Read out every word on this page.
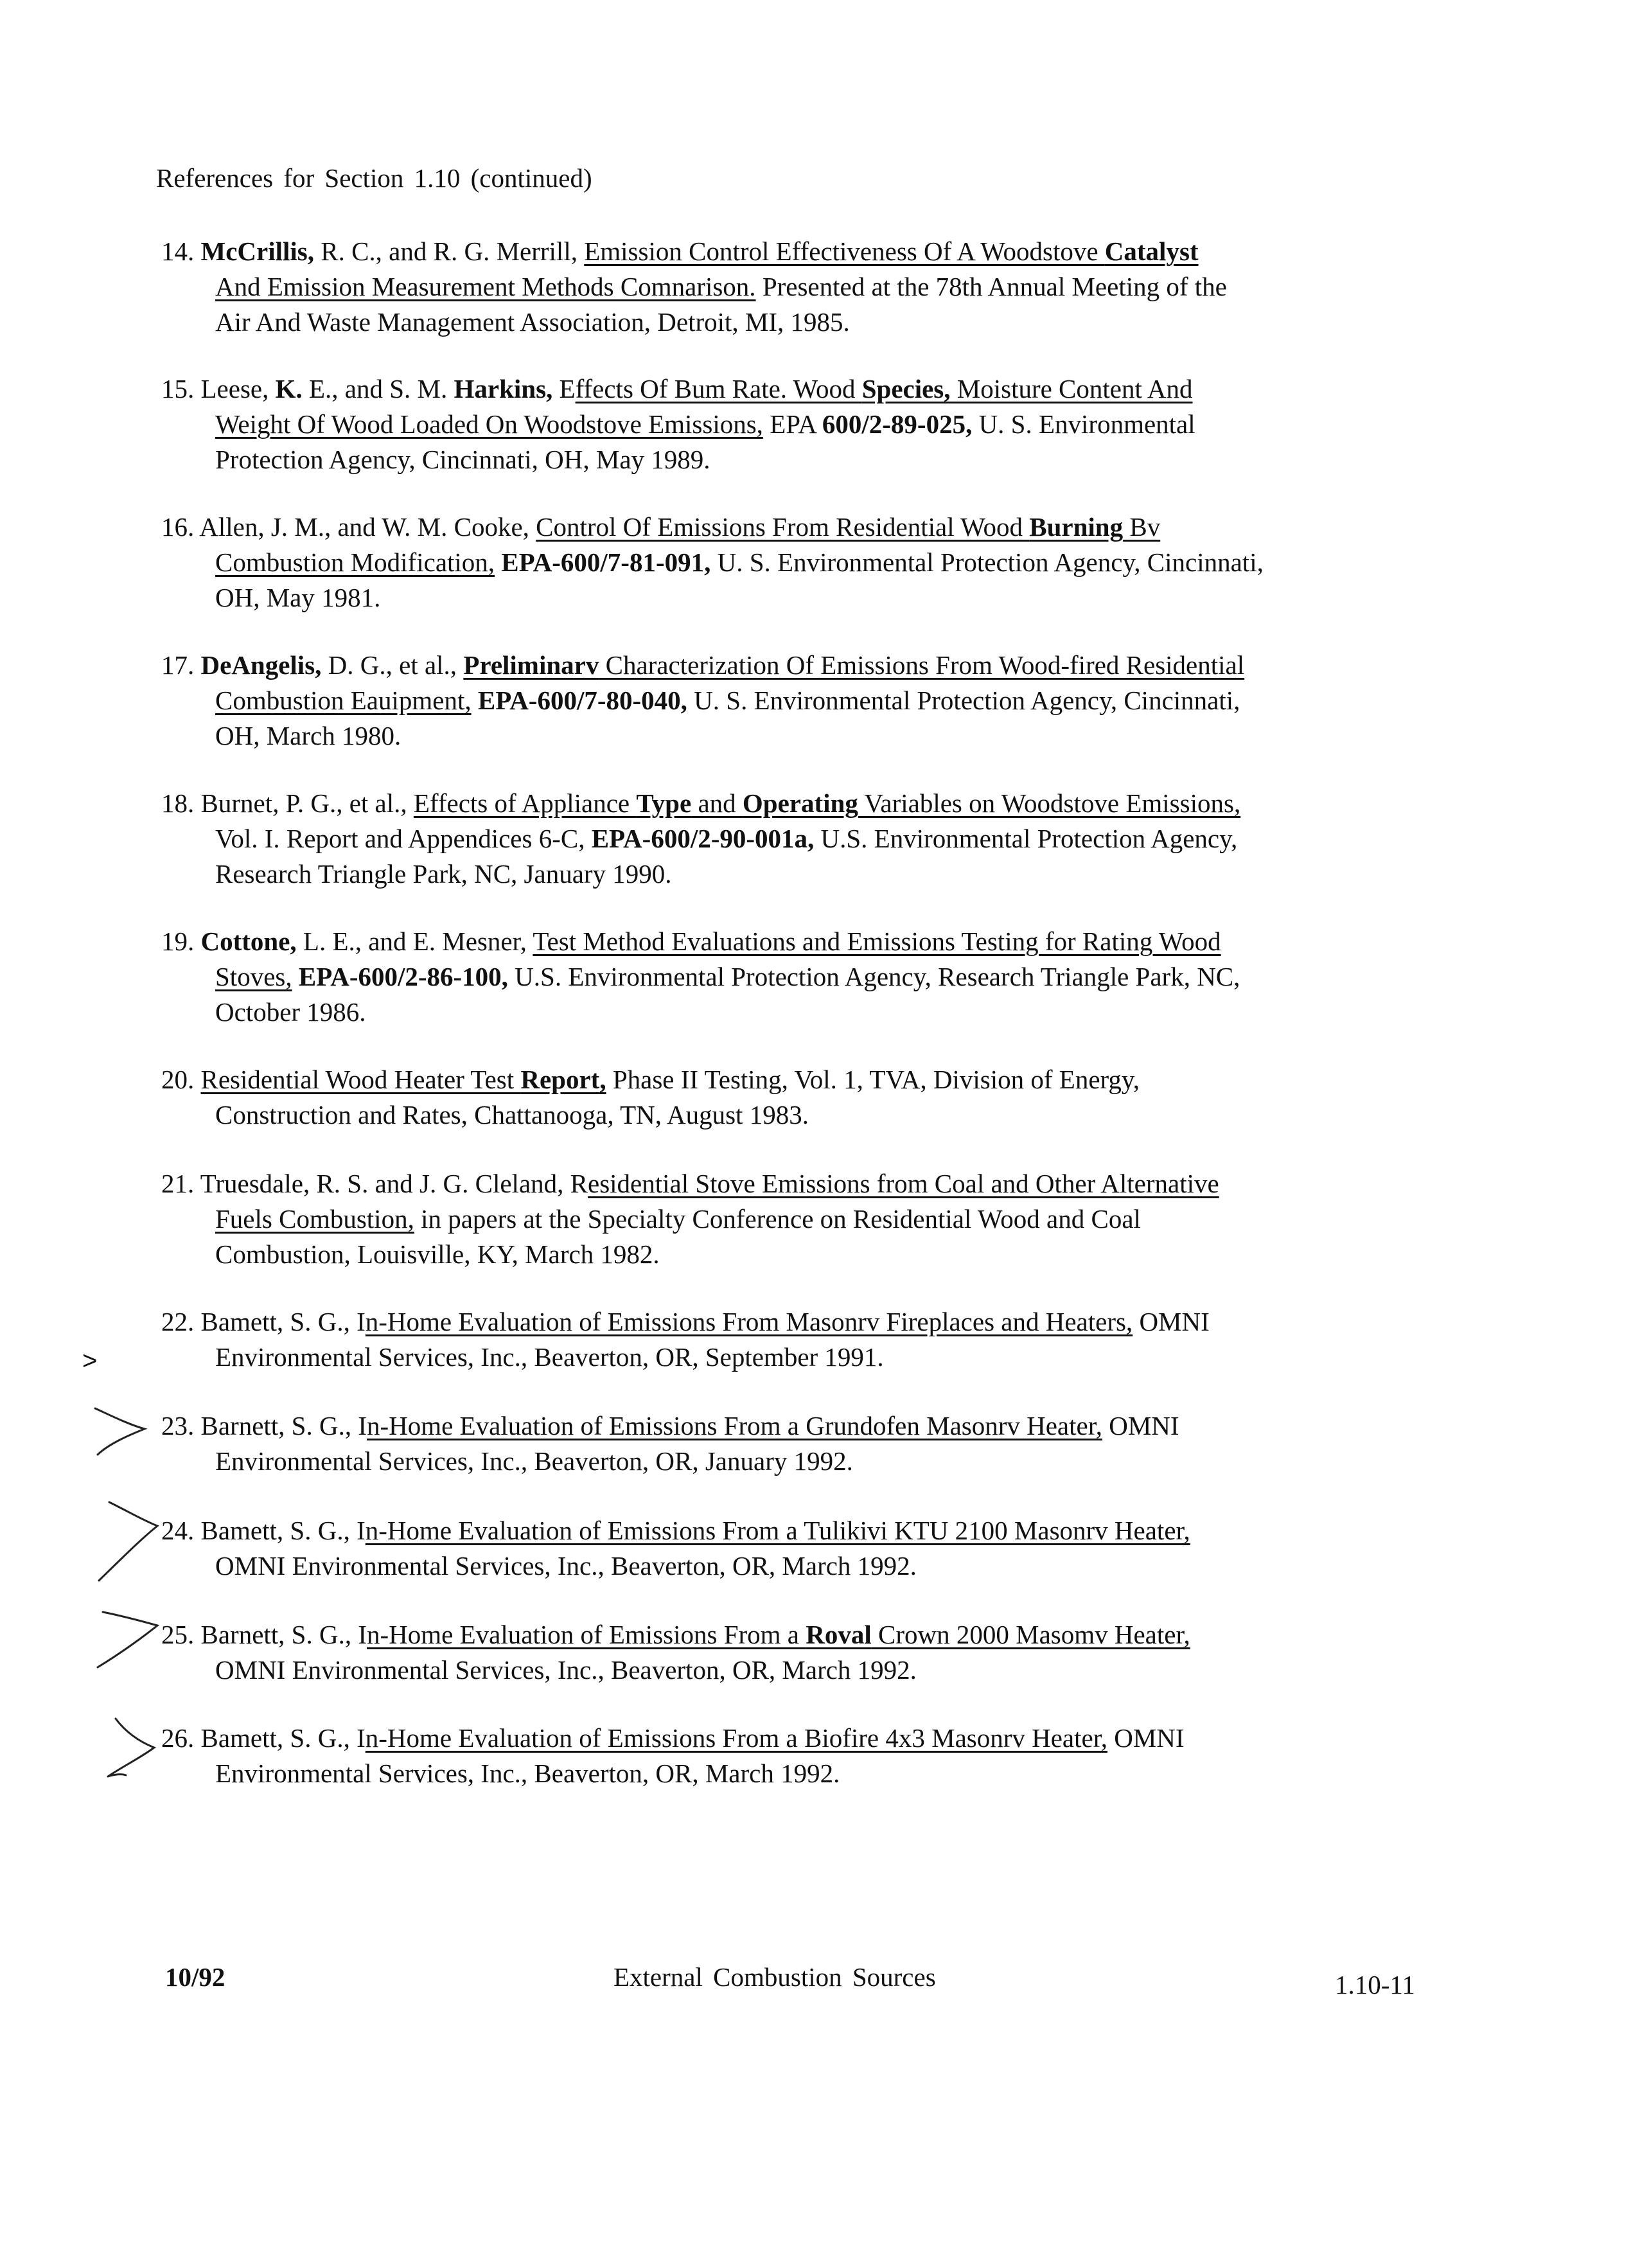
References for Section 1.10 (continued)
14. McCrillis, R. C., and R. G. Merrill, Emission Control Effectiveness Of A Woodstove Catalyst
And Emission Measurement Methods Comnarison. Presented at the 78th Annual Meeting of the
Air And Waste Management Association, Detroit, MI, 1985.
15. Leese, K. E., and S. M. Harkins, Effects Of Bum Rate. Wood Species, Moisture Content And
Weight Of Wood Loaded On Woodstove Emissions, EPA 600/2-89-025, U. S. Environmental
Protection Agency, Cincinnati, OH, May 1989.
16. Allen, J. M., and W. M. Cooke, Control Of Emissions From Residential Wood Burning Bv
Combustion Modification, EPA-600/7-81-091, U. S. Environmental Protection Agency, Cincinnati,
OH, May 1981.
17. DeAngelis, D. G., et al., Preliminarv Characterization Of Emissions From Wood-fired Residential
Combustion Eauipment, EPA-600/7-80-040, U. S. Environmental Protection Agency, Cincinnati,
OH, March 1980.
18. Burnet, P. G., et al., Effects of Appliance Type and Operating Variables on Woodstove Emissions,
Vol. I. Report and Appendices 6-C, EPA-600/2-90-001a, U.S. Environmental Protection Agency,
Research Triangle Park, NC, January 1990.
19. Cottone, L. E., and E. Mesner, Test Method Evaluations and Emissions Testing for Rating Wood
Stoves, EPA-600/2-86-100, U.S. Environmental Protection Agency, Research Triangle Park, NC,
October 1986.
20. Residential Wood Heater Test Report, Phase II Testing, Vol. 1, TVA, Division of Energy,
Construction and Rates, Chattanooga, TN, August 1983.
21. Truesdale, R. S. and J. G. Cleland, Residential Stove Emissions from Coal and Other Alternative
Fuels Combustion, in papers at the Specialty Conference on Residential Wood and Coal
Combustion, Louisville, KY, March 1982.
22. Bamett, S. G., In-Home Evaluation of Emissions From Masonrv Fireplaces and Heaters, OMNI
Environmental Services, Inc., Beaverton, OR, September 1991.
23. Barnett, S. G., In-Home Evaluation of Emissions From a Grundofen Masonrv Heater, OMNI
Environmental Services, Inc., Beaverton, OR, January 1992.
24. Bamett, S. G., In-Home Evaluation of Emissions From a Tulikivi KTU 2100 Masonrv Heater,
OMNI Environmental Services, Inc., Beaverton, OR, March 1992.
25. Barnett, S. G., In-Home Evaluation of Emissions From a Roval Crown 2000 Masomv Heater,
OMNI Environmental Services, Inc., Beaverton, OR, March 1992.
26. Bamett, S. G., In-Home Evaluation of Emissions From a Biofire 4x3 Masonrv Heater, OMNI
Environmental Services, Inc., Beaverton, OR, March 1992.
>
10/92	External Combustion Sources	1.10-11
